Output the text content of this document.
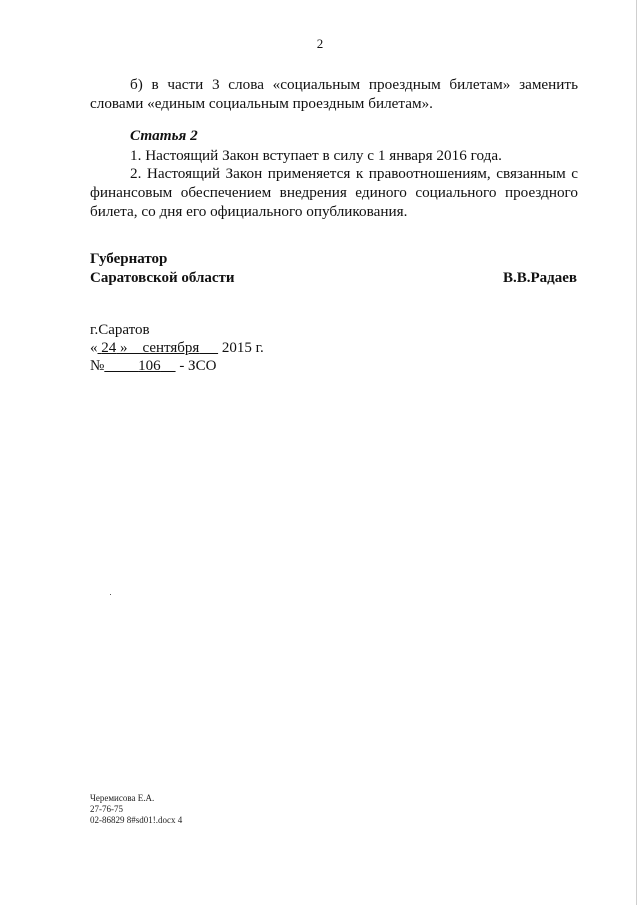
2

б) в части 3 слова «социальным проездным билетам» заменить словами «единым социальным проездным билетам».

Статья 2

1. Настоящий Закон вступает в силу с 1 января 2016 года.

2. Настоящий Закон применяется к правоотношениям, связанным с финансовым обеспечением внедрения единого социального проездного билета, со дня его официального опубликования.

Губернатор
Саратовской области	В.В.Радаев
г.Саратов
« 24 » сентября 2015 г.
№ 106 - ЗСО
Черемисова Е.А.
27-76-75
02-86829 8#sd01!.docx 4
